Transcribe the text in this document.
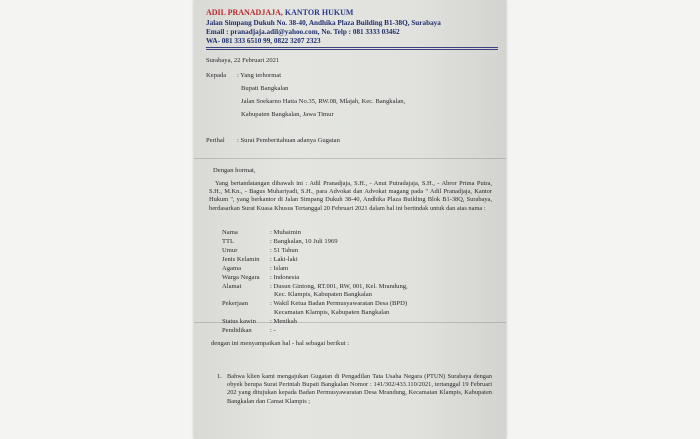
ADIL PRANADJAJA, KANTOR HUKUM
Jalan Simpang Dukuh No. 38-40, Andhika Plaza Building B1-38Q, Surabaya
Email : pranadjaja.adil@yahoo.com, No. Telp : 081 3333 03462
WA- 081 333 6510 99, 0822 3207 2323
Surabaya, 22 Februari 2021
Kepada : Yang terhormat
Bupati Bangkalan
Jalan Soekarno Hatta No.35, RW.08, Mlajah, Kec. Bangkalan,
Kabupaten Bangkalan, Jawa Timur
Perihal : Surat Pemberitahuan adanya Gugatan
Dengan hormat,
Yang bertandatangan dibawah ini : Adil Pranadjaja, S.H., - Anut Putradajaja, S.H., - Abror Prima Putra, S.H., M.Kn., - Bagus Muhariyadi, S.H., para Advokat dan Advokat magang pada " Adil Pranadjaja, Kantor Hukum ", yang berkantor di Jalan Simpang Dukuh 38-40, Andhika Plaza Building Blok B1-38Q, Surabaya, berdasarkan Surat Kuasa Khusus Tertanggal 20 Februari 2021 dalam hal ini bertindak untuk dan atas nama :
Nama	: Muhaimin
TTL	: Bangkalan, 10 Juli 1969
Umur	: 51 Tahun
Jenis Kelamin : Laki-laki
Agama	: Islam
Warga Negara : Indonesia
Alamat	: Dusun Gintong, RT.001, RW, 001, Kel. Mrandung,
Kec. Klampis, Kabupaten Bangkalan
Pekerjaan	: Wakil Ketua Badan Permusyawaratan Desa (BPD)
Kecamatan Klampis, Kabupaten Bangkalan
Status kawin : Menikah
Pendidikan	: -
dengan ini menyampaikan hal - hal sebagai berikut :
1. Bahwa klien kami mengajukan Gugatan di Pengadilan Tata Usaha Negara (PTUN) Surabaya dengan obyek berupa Surat Perintah Bupati Bangkalan Nomor : 141/302/433.110/2021, tertanggal 19 Februari 202 yang ditujukan kepada Badan Permusyawaratan Desa Mrandung, Kecamatan Klampis, Kabupaten Bangkalan dan Camat Klampis ;
